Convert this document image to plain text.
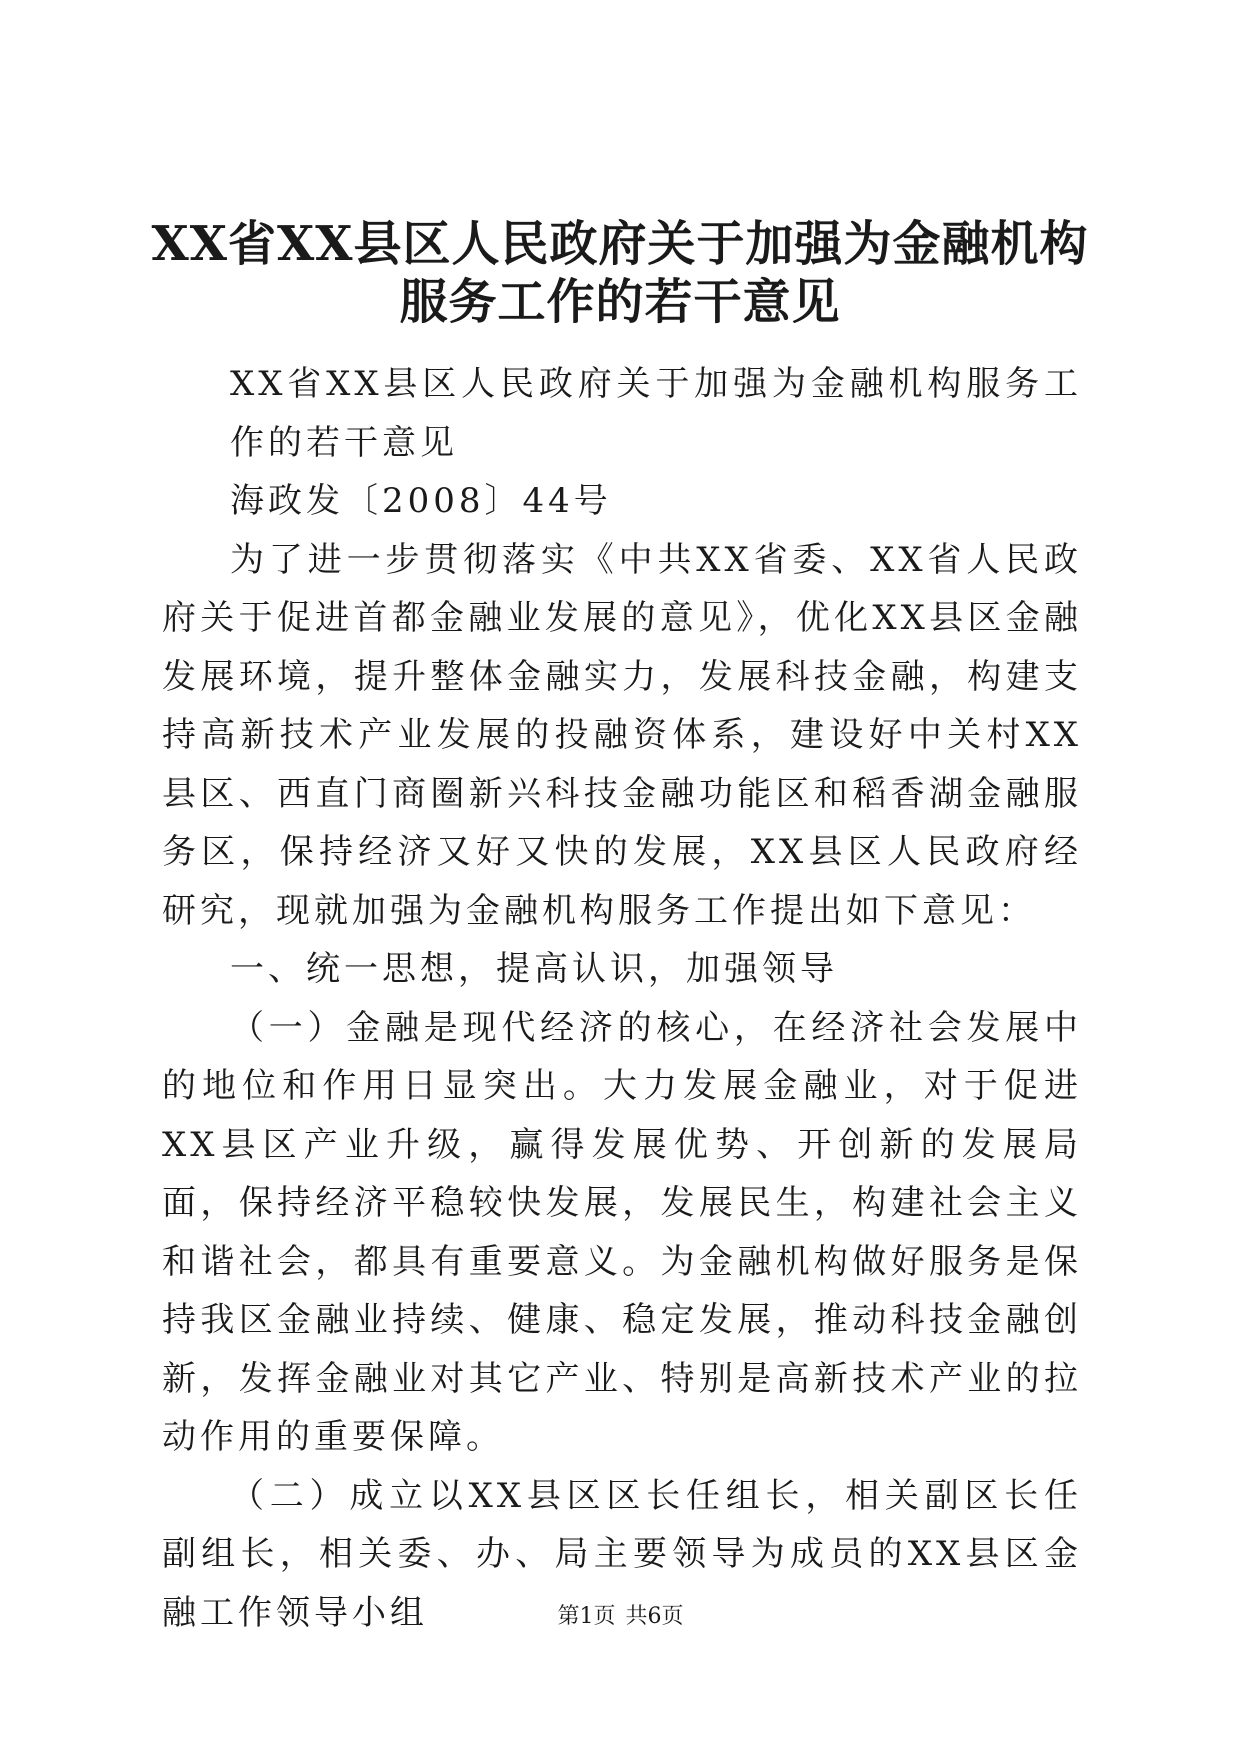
XX省XX县区人民政府关于加强为金融机构服务工作的若干意见

XX省XX县区人民政府关于加强为金融机构服务工作的若干意见

海政发〔2008〕44号

为了进一步贯彻落实《中共XX省委、XX省人民政府关于促进首都金融业发展的意见》，优化XX县区金融发展环境，提升整体金融实力，发展科技金融，构建支持高新技术产业发展的投融资体系，建设好中关村XX县区、西直门商圈新兴科技金融功能区和稻香湖金融服务区，保持经济又好又快的发展，XX县区人民政府经研究，现就加强为金融机构服务工作提出如下意见：

一、统一思想，提高认识，加强领导

（一）金融是现代经济的核心，在经济社会发展中的地位和作用日显突出。大力发展金融业，对于促进XX县区产业升级，赢得发展优势、开创新的发展局面，保持经济平稳较快发展，发展民生，构建社会主义和谐社会，都具有重要意义。为金融机构做好服务是保持我区金融业持续、健康、稳定发展，推动科技金融创新，发挥金融业对其它产业、特别是高新技术产业的拉动作用的重要保障。

（二）成立以XX县区区长任组长，相关副区长任副组长，相关委、办、局主要领导为成员的XX县区金融工作领导小组	第1页 共6页
